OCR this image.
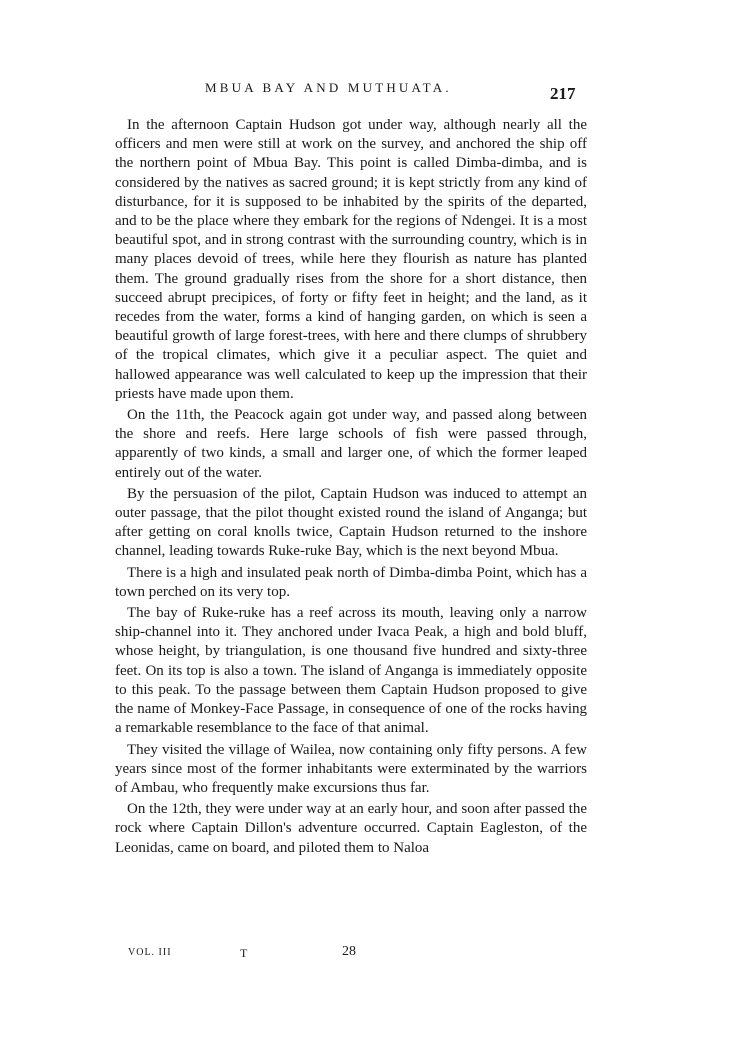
MBUA BAY AND MUTHUATA.	217

In the afternoon Captain Hudson got under way, although nearly all the officers and men were still at work on the survey, and anchored the ship off the northern point of Mbua Bay. This point is called Dimba-dimba, and is considered by the natives as sacred ground; it is kept strictly from any kind of disturbance, for it is supposed to be inhabited by the spirits of the departed, and to be the place where they embark for the regions of Ndengei. It is a most beautiful spot, and in strong contrast with the surrounding country, which is in many places devoid of trees, while here they flourish as nature has planted them. The ground gradually rises from the shore for a short distance, then succeed abrupt precipices, of forty or fifty feet in height; and the land, as it recedes from the water, forms a kind of hanging garden, on which is seen a beautiful growth of large forest-trees, with here and there clumps of shrubbery of the tropical climates, which give it a peculiar aspect. The quiet and hallowed appearance was well calculated to keep up the impression that their priests have made upon them.

On the 11th, the Peacock again got under way, and passed along between the shore and reefs. Here large schools of fish were passed through, apparently of two kinds, a small and larger one, of which the former leaped entirely out of the water.

By the persuasion of the pilot, Captain Hudson was induced to attempt an outer passage, that the pilot thought existed round the island of Anganga; but after getting on coral knolls twice, Captain Hudson returned to the inshore channel, leading towards Ruke-ruke Bay, which is the next beyond Mbua.

There is a high and insulated peak north of Dimba-dimba Point, which has a town perched on its very top.

The bay of Ruke-ruke has a reef across its mouth, leaving only a narrow ship-channel into it. They anchored under Ivaca Peak, a high and bold bluff, whose height, by triangulation, is one thousand five hundred and sixty-three feet. On its top is also a town. The island of Anganga is immediately opposite to this peak. To the passage between them Captain Hudson proposed to give the name of Monkey-Face Passage, in consequence of one of the rocks having a remarkable resemblance to the face of that animal.

They visited the village of Wailea, now containing only fifty persons. A few years since most of the former inhabitants were exterminated by the warriors of Ambau, who frequently make excursions thus far.

On the 12th, they were under way at an early hour, and soon after passed the rock where Captain Dillon's adventure occurred. Captain Eagleston, of the Leonidas, came on board, and piloted them to Naloa

VOL. III	T	28
